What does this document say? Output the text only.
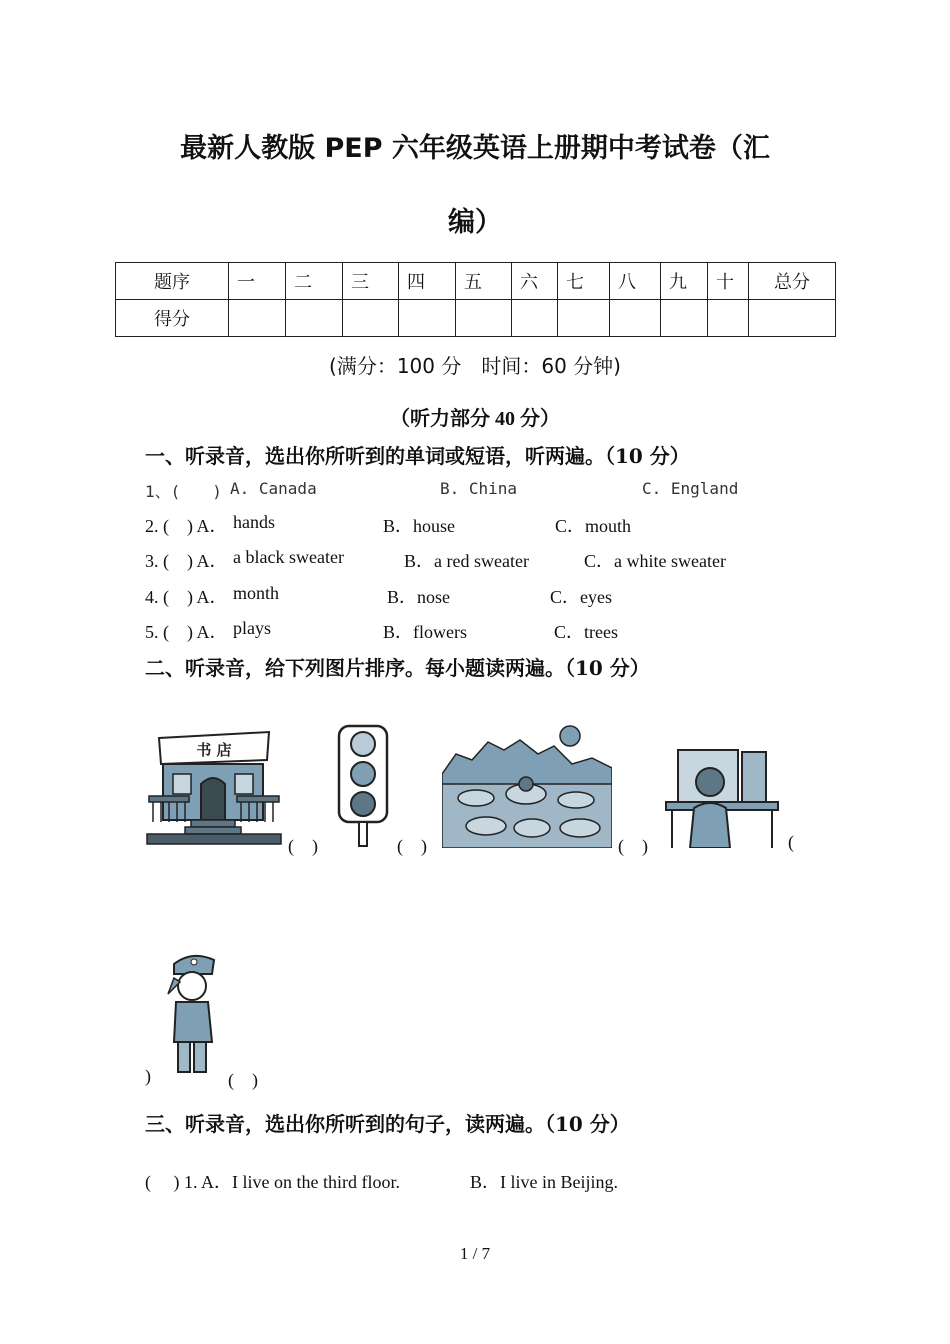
最新人教版 PEP 六年级英语上册期中考试卷（汇
编）
题序	一	二	三	四	五	六	七	八	九	十	总分
得分											
(满分：100 分　时间：60 分钟)
（听力部分 40 分）
一、听录音，选出你所听到的单词或短语，听两遍。（10 分）
1、(　　) A. Canada	B. China	C. England
2. (　) A． hands	B．house	C．mouth
3. (　) A． a black sweater	B．a red sweater	C．a white sweater
4. (　) A． month	B．nose	C．eyes
5. (　) A． plays	B．flowers	C．trees
二、听录音，给下列图片排序。每小题读两遍。（10 分）
书 店
(　)	(　)	(　)	(
)	(　)
三、听录音，选出你所听到的句子，读两遍。（10 分）
(　 ) 1. A．I live on the third floor.	B．I live in Beijing.
1 / 7
